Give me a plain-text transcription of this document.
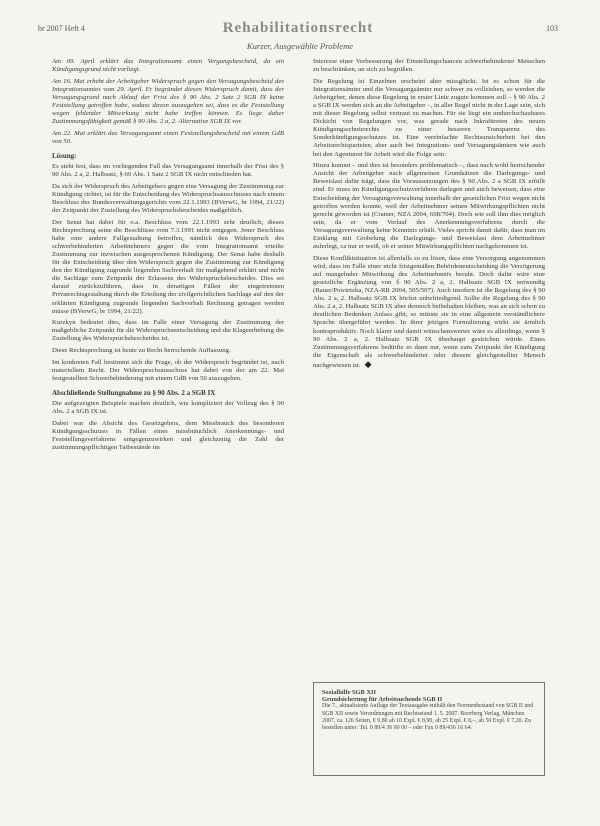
br 2007 Heft 4	Rehabilitationsrecht	103
Kurzer, Ausgewählte Probleme

Am 09. April erklärt das Integrationsamt einen Vergangsbescheid, da ein Kündigungsgrund nicht vorliegt.

Am 16. Mai erhebt der Arbeitgeber Widerspruch gegen den Versagungsbescheid des Integrationsamtes vom 29. April. Er begründet diesen Widerspruch damit, dass der Versagungsgrund nach Ablauf der Frist des § 90 Abs. 2 Satz 2 SGB IX keine Feststellung getroffen habe, sodass davon auszugehen sei, dass es die Feststellung wegen fehlender Mitwirkung nicht habe treffen können. Es liege daher Zustimmungsfähigkeit gemäß § 90 Abs. 2 a, 2. Alternative SGB IX vor.

Am 22. Mai erklärt das Versagungsamt einen Feststellungsbescheid mit einem GdB von 50.

Lösung:

Es steht fest, dass im vorliegenden Fall das Versagungsamt innerhalb der Frist des § 90 Abs. 2 a, 2. Halbsatz, § 69 Abs. 1 Satz 2 SGB IX nicht entschieden hat.

Da sich der Widerspruch des Arbeitgebers gegen eine Versagung der Zustimmung zur Kündigung richtet, ist für die Entscheidung des Widerspruchsausschusses nach einem Beschluss des Bundesverwaltungsgerichts vom 22.1.1993 (BVerwG, br 1994, 21/22) der Zeitpunkt der Zustellung des Widerspruchsbescheides maßgeblich.

Der Senat hat dabei für o.a. Beschluss vom 22.1.1993 sehr deutlich, dieses Rechtsprechung seine die Beschlüsse vom 7.3.1991 nicht entgegen. Jener Beschluss habe eine andere Fallgestaltung betroffen, nämlich den Widerspruch des schwerbehinderten Arbeitnehmers gegen die vom Integrationsamt erteilte Zustimmung zur inzwischen ausgesprochenen Kündigung. Der Senat habe deshalb für die Entscheidung über den Widerspruch gegen die Zustimmung zur Kündigung den der Kündigung zugrunde liegenden Sachverhalt für maßgebend erklärt und nicht die Sachlage zum Zeitpunkt der Erlassens des Widerspruchsbescheides. Dies sei darauf zurückzuführen, dass in derartigen Fällen der eingetretenen Privatrechtsgestaltung durch die Erteilung der zivilgerichtlichen Sachlage auf den der erklärten Kündigung zugrunde liegenden Sachverhalt Rechnung getragen werden müsse (BVerwG, br 1994, 21/22).

Kurzkyn bedeutet dies, dass im Falle einer Versagung der Zustimmung der maßgebliche Zeitpunkt für die Widerspruchsentscheidung und die Klageerhebung die Zustellung des Widerspruchsbescheides ist.

Diese Rechtsprechung ist heute zu Recht herrschende Auffassung.

Im konkreten Fall bestimmt sich die Frage, ob der Widerspruch begründet ist, nach materiellem Recht. Der Widerspruchsausschuss hat dabei von der am 22. Mai festgestellten Schwerbehinderung mit einem GdB von 50 auszugehen.

Abschließende Stellungnahme zu § 90 Abs. 2 a SGB IX

Die aufgezeigten Beispiele machen deutlich, wie kompliziert der Vollzug des § 90 Abs. 2 a SGB IX ist.

Dabei war die Absicht des Gesetzgebers, dem Missbrauch des besonderen Kündigungsschutzes in Fällen eines missbräuchlich Anerkennungs- und Feststellungsverfahrens entgegenzuwirken und gleichzeitig die Zahl der zustimmungspflichtigen Tatbestände im

Interesse einer Verbesserung der Einstellungschancen schwerbehinderter Menschen zu beschränken, an sich zu begrüßen.

Die Regelung ist Einzelnen erscheint aber missglückt. Ist es schon für die Integrationsämter und die Versagungsämter nur schwer zu vollziehen, so werden die Arbeitgeber, denen diese Regelung in erster Linie zugute kommen soll – § 90 Abs. 2 a SGB IX werden sich an die Arbeitgeber –, in aller Regel nicht in der Lage sein, sich mit dieser Regelung selbst vertraut zu machen. Für sie liegt ein undurchschaubares Dickicht von Regelungen vor, was gerade nach Inkrafttreten des neuen Kündigungsschutzrechts zu einer besseren Transparenz des Sonderkündigungsschutzes ist. Eine vereinfachte Rechtsunsicherheit bei den Arbeitsrechtsparteien, aber auch bei Integrations- und Versagungsämtern wie auch bei den Agenturen für Arbeit wird die Folge sein.

Hinzu kommt – und dies ist besonders problematisch –, dass nach wohl herrschender Ansicht der Arbeitgeber nach allgemeinen Grundsätzen die Darlegungs- und Beweislast dafür trägt, dass die Voraussetzungen des § 90 Abs. 2 a SGB IX erfüllt sind. Er muss im Kündigungsschutzverfahren darlegen und auch beweisen, dass eine Entscheidung der Versagungsverwaltung innerhalb der gesetzlichen Frist wegen nicht getroffen werden konnte, weil der Arbeitnehmer seinen Mitwirkungspflichten nicht gerecht geworden ist (Cramer, NZA 2004, 698/704). Doch wie soll ihm dies möglich sein, da er vom Verlauf des Anerkennungsverfahrens durch die Versagungsverwaltung keine Kenntnis erhält. Vieles spricht damit dafür, dass man im Einklang mit Grobelung die Darlegungs- und Beweislast dem Arbeitnehmer auferlegt, ca nur er weiß, ob er seiner Mitwirkungspflichten nachgekommen ist.

Diese Konfliktsituation ist allenfalls so zu lösen, dass eine Versorgung angenommen wird, dass im Falle einer nicht fristgemäßen Behördenentscheidung die Verzögerung auf mangelnder Mitwirkung des Arbeitnehmers beruht. Doch dafür wäre eine gesetzliche Ergänzung von § 90 Abs. 2 a, 2. Halbsatz SGB IX notwendig (Bauer/Powietzka, NZA-RR 2004, 505/507). Auch insofern ist die Regelung des § 90 Abs. 2 a, 2. Halbsatz SGB IX höchst unbefriedigend. Sollte die Regelung des § 90 Abs. 2 a, 2. Halbsatz SGB IX aber dennoch beibehalten bleiben, was an sich schon zu deutlichen Bedenken Anlass gibt, so müsste sie in eine allgemein verständlichere Sprache übergeführt werden. In ihrer jetzigen Formulierung wirkt sie ärmlich kontraproduktiv. Noch klarer und damit wünschenswerter wäre es allerdings, wenn § 90 Abs. 2 a, 2. Halbsatz SGB IX überhaupt gestrichen würde. Eines Zustimmungsverfahrens bedürfte es dann nur, wenn zum Zeitpunkt der Kündigung die Eigenschaft als schwerbehinderter oder diesem gleichgestellter Mensch nachgewiesen ist. ◆

Sozialhilfe SGB XII

Grundsicherung für Arbeitsuchende SGB II

Die 7., aktualisierte Auflage der Textausgabe enthält den Normenbestand von SGB II und SGB XII sowie Verordnungen mit Rechtsstand 1. 5. 2007. Boorberg Verlag, München 2007, ca. 126 Seiten, € 9,80 ab 10 Expl. € 8,90, ab 25 Expl. € 8,–, ab 50 Expl. € 7,20. Zu bestellen unter: Tel. 0 89/4 36 00 00 – oder Fax 0 89/436 16 64.
